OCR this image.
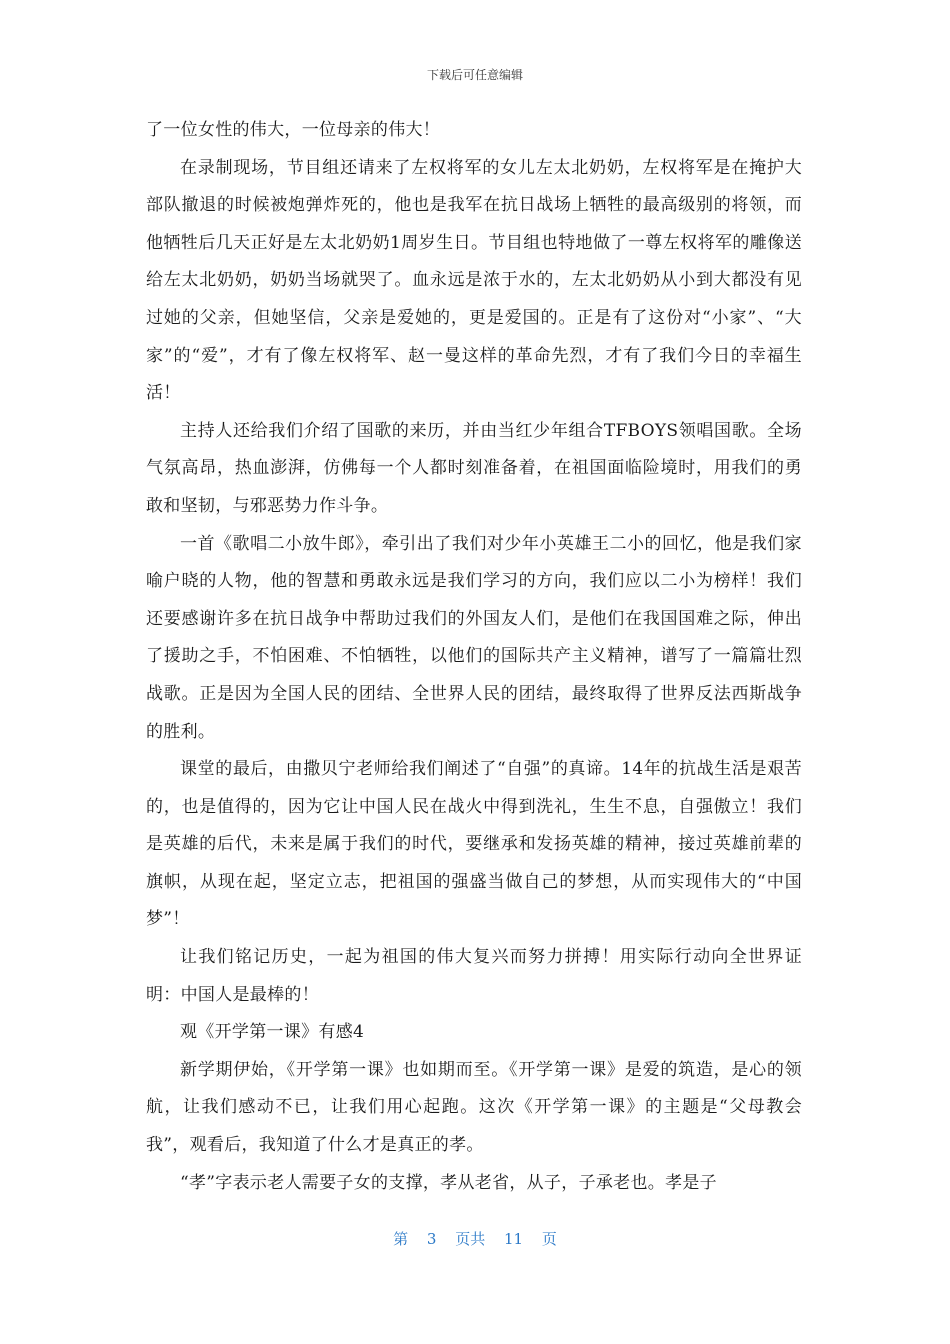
下载后可任意编辑

了一位女性的伟大，一位母亲的伟大！

在录制现场，节目组还请来了左权将军的女儿左太北奶奶，左权将军是在掩护大部队撤退的时候被炮弹炸死的，他也是我军在抗日战场上牺牲的最高级别的将领，而他牺牲后几天正好是左太北奶奶1周岁生日。节目组也特地做了一尊左权将军的雕像送给左太北奶奶，奶奶当场就哭了。血永远是浓于水的，左太北奶奶从小到大都没有见过她的父亲，但她坚信，父亲是爱她的，更是爱国的。正是有了这份对“小家”、“大家”的“爱”，才有了像左权将军、赵一曼这样的革命先烈，才有了我们今日的幸福生活！

主持人还给我们介绍了国歌的来历，并由当红少年组合TFBOYS领唱国歌。全场气氛高昂，热血澎湃，仿佛每一个人都时刻准备着，在祖国面临险境时，用我们的勇敢和坚韧，与邪恶势力作斗争。

一首《歌唱二小放牛郎》，牵引出了我们对少年小英雄王二小的回忆，他是我们家喻户晓的人物，他的智慧和勇敢永远是我们学习的方向，我们应以二小为榜样！我们还要感谢许多在抗日战争中帮助过我们的外国友人们，是他们在我国国难之际，伸出了援助之手，不怕困难、不怕牺牲，以他们的国际共产主义精神，谱写了一篇篇壮烈战歌。正是因为全国人民的团结、全世界人民的团结，最终取得了世界反法西斯战争的胜利。

课堂的最后，由撒贝宁老师给我们阐述了“自强”的真谛。14年的抗战生活是艰苦的，也是值得的，因为它让中国人民在战火中得到洗礼，生生不息，自强傲立！我们是英雄的后代，未来是属于我们的时代，要继承和发扬英雄的精神，接过英雄前辈的旗帜，从现在起，坚定立志，把祖国的强盛当做自己的梦想，从而实现伟大的“中国梦”！

让我们铭记历史，一起为祖国的伟大复兴而努力拼搏！用实际行动向全世界证明：中国人是最棒的！

观《开学第一课》有感4

新学期伊始，《开学第一课》也如期而至。《开学第一课》是爱的筑造，是心的领航，让我们感动不已，让我们用心起跑。这次《开学第一课》的主题是“父母教会我”，观看后，我知道了什么才是真正的孝。

“孝”字表示老人需要子女的支撑，孝从老省，从子，子承老也。孝是子

第 3 页共 11 页
